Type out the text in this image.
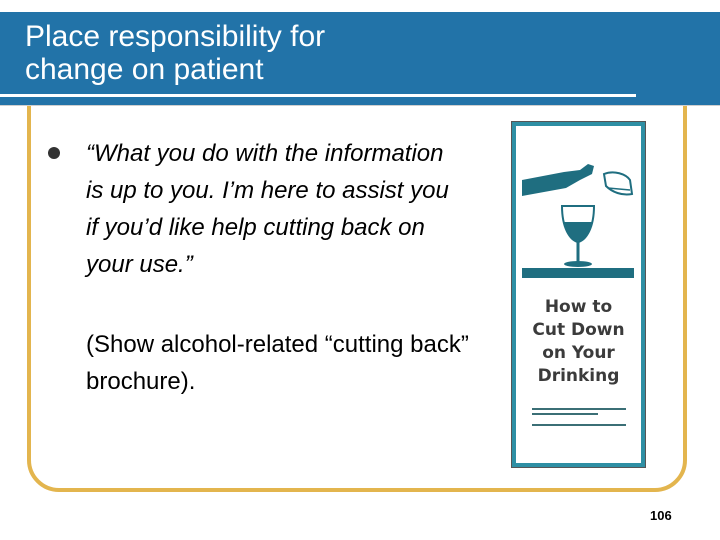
Place responsibility for
change on patient
“What you do with the information is up to you. I’m here to assist you if you’d like help cutting back on your use.”
(Show alcohol-related “cutting back” brochure).
How to
Cut Down
on Your
Drinking
106
